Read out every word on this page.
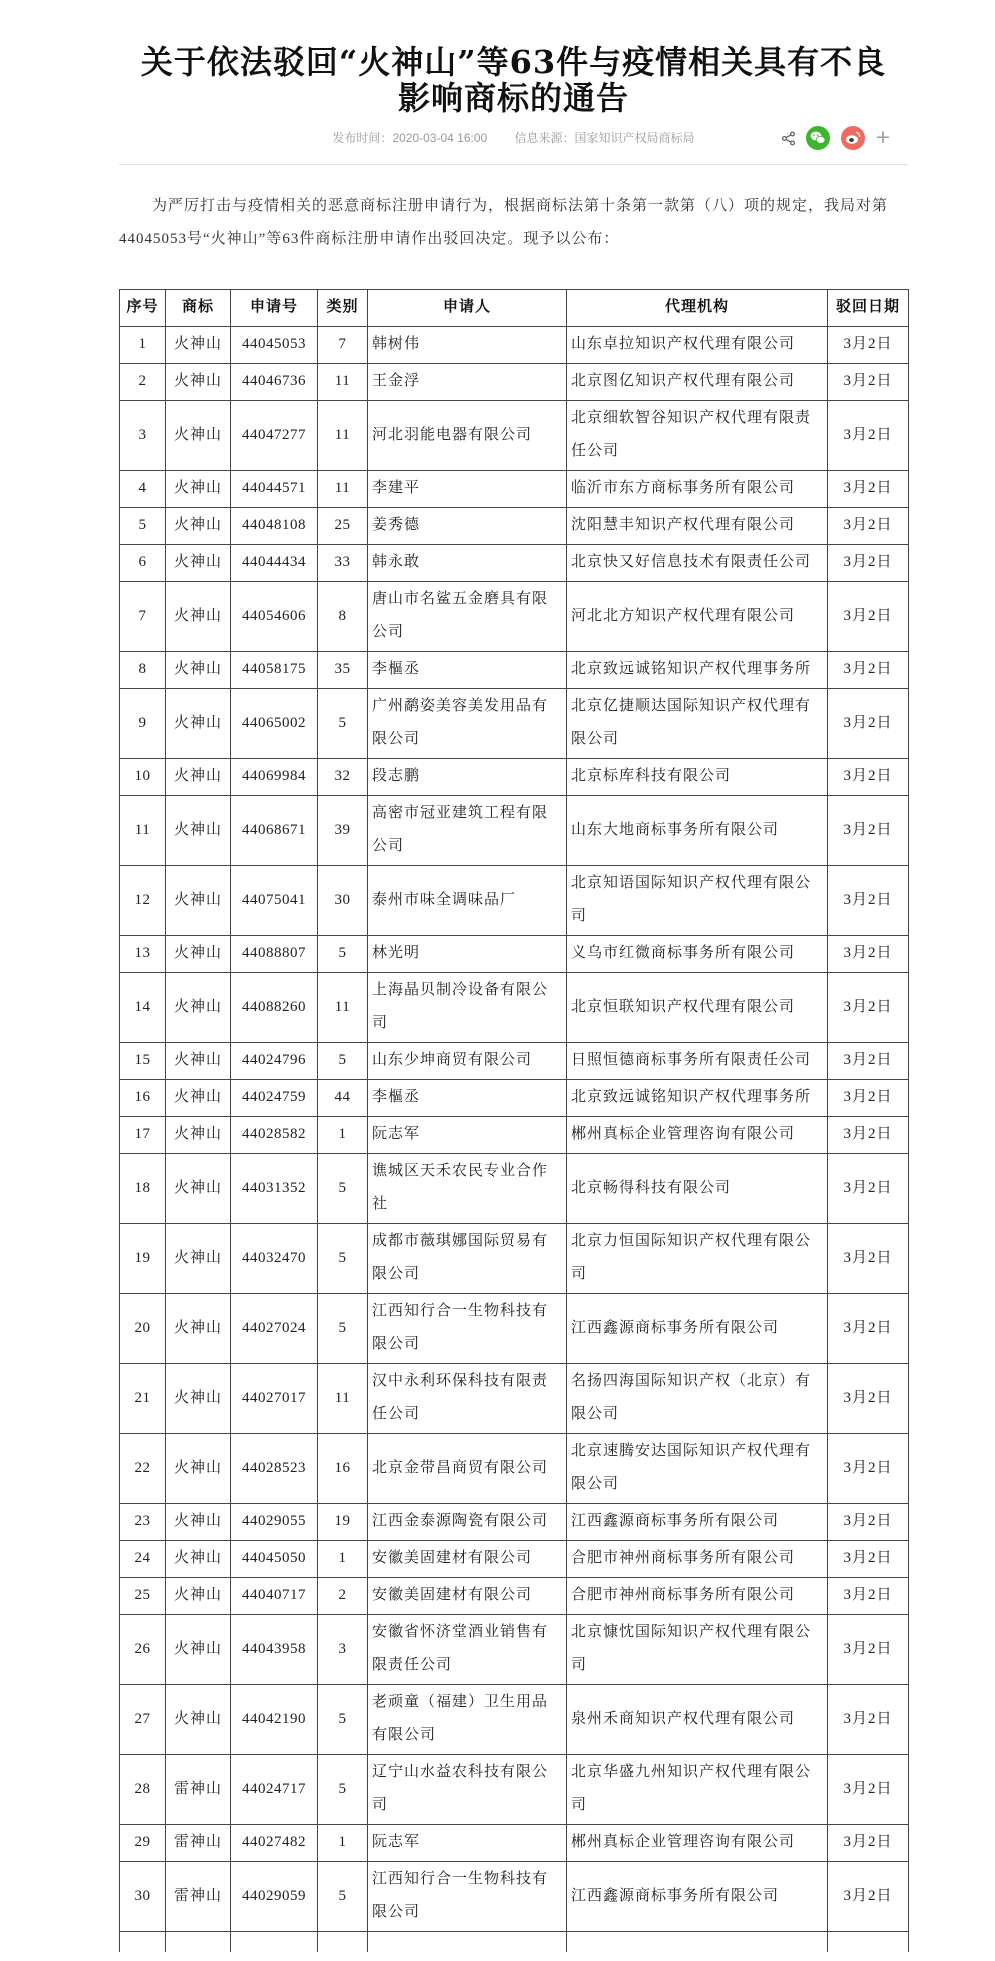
关于依法驳回“火神山”等63件与疫情相关具有不良
影响商标的通告
发布时间：2020-03-04 16:00 信息来源：国家知识产权局商标局	+
为严厉打击与疫情相关的恶意商标注册申请行为，根据商标法第十条第一款第（八）项的规定，我局对第
44045053号“火神山”等63件商标注册申请作出驳回决定。现予以公布：
序号	商标	申请号	类别	申请人	代理机构	驳回日期
1	火神山	44045053	7	韩树伟	山东卓拉知识产权代理有限公司	3月2日
2	火神山	44046736	11	王金浮	北京图亿知识产权代理有限公司	3月2日
3	火神山	44047277	11	河北羽能电器有限公司	北京细软智谷知识产权代理有限责任公司	3月2日
4	火神山	44044571	11	李建平	临沂市东方商标事务所有限公司	3月2日
5	火神山	44048108	25	姜秀德	沈阳慧丰知识产权代理有限公司	3月2日
6	火神山	44044434	33	韩永敢	北京快又好信息技术有限责任公司	3月2日
7	火神山	44054606	8	唐山市名鲨五金磨具有限公司	河北北方知识产权代理有限公司	3月2日
8	火神山	44058175	35	李樞丞	北京致远诚铭知识产权代理事务所	3月2日
9	火神山	44065002	5	广州鹬姿美容美发用品有限公司	北京亿捷顺达国际知识产权代理有限公司	3月2日
10	火神山	44069984	32	段志鹏	北京标库科技有限公司	3月2日
11	火神山	44068671	39	高密市冠亚建筑工程有限公司	山东大地商标事务所有限公司	3月2日
12	火神山	44075041	30	泰州市味全调味品厂	北京知语国际知识产权代理有限公司	3月2日
13	火神山	44088807	5	林光明	义乌市红微商标事务所有限公司	3月2日
14	火神山	44088260	11	上海晶贝制冷设备有限公司	北京恒联知识产权代理有限公司	3月2日
15	火神山	44024796	5	山东少坤商贸有限公司	日照恒德商标事务所有限责任公司	3月2日
16	火神山	44024759	44	李樞丞	北京致远诚铭知识产权代理事务所	3月2日
17	火神山	44028582	1	阮志军	郴州真标企业管理咨询有限公司	3月2日
18	火神山	44031352	5	谯城区天禾农民专业合作社	北京畅得科技有限公司	3月2日
19	火神山	44032470	5	成都市薇琪娜国际贸易有限公司	北京力恒国际知识产权代理有限公司	3月2日
20	火神山	44027024	5	江西知行合一生物科技有限公司	江西鑫源商标事务所有限公司	3月2日
21	火神山	44027017	11	汉中永利环保科技有限责任公司	名扬四海国际知识产权（北京）有限公司	3月2日
22	火神山	44028523	16	北京金带昌商贸有限公司	北京速腾安达国际知识产权代理有限公司	3月2日
23	火神山	44029055	19	江西金泰源陶瓷有限公司	江西鑫源商标事务所有限公司	3月2日
24	火神山	44045050	1	安徽美固建材有限公司	合肥市神州商标事务所有限公司	3月2日
25	火神山	44040717	2	安徽美固建材有限公司	合肥市神州商标事务所有限公司	3月2日
26	火神山	44043958	3	安徽省怀济堂酒业销售有限责任公司	北京慷忱国际知识产权代理有限公司	3月2日
27	火神山	44042190	5	老顽童（福建）卫生用品有限公司	泉州禾商知识产权代理有限公司	3月2日
28	雷神山	44024717	5	辽宁山水益农科技有限公司	北京华盛九州知识产权代理有限公司	3月2日
29	雷神山	44027482	1	阮志军	郴州真标企业管理咨询有限公司	3月2日
30	雷神山	44029059	5	江西知行合一生物科技有限公司	江西鑫源商标事务所有限公司	3月2日
